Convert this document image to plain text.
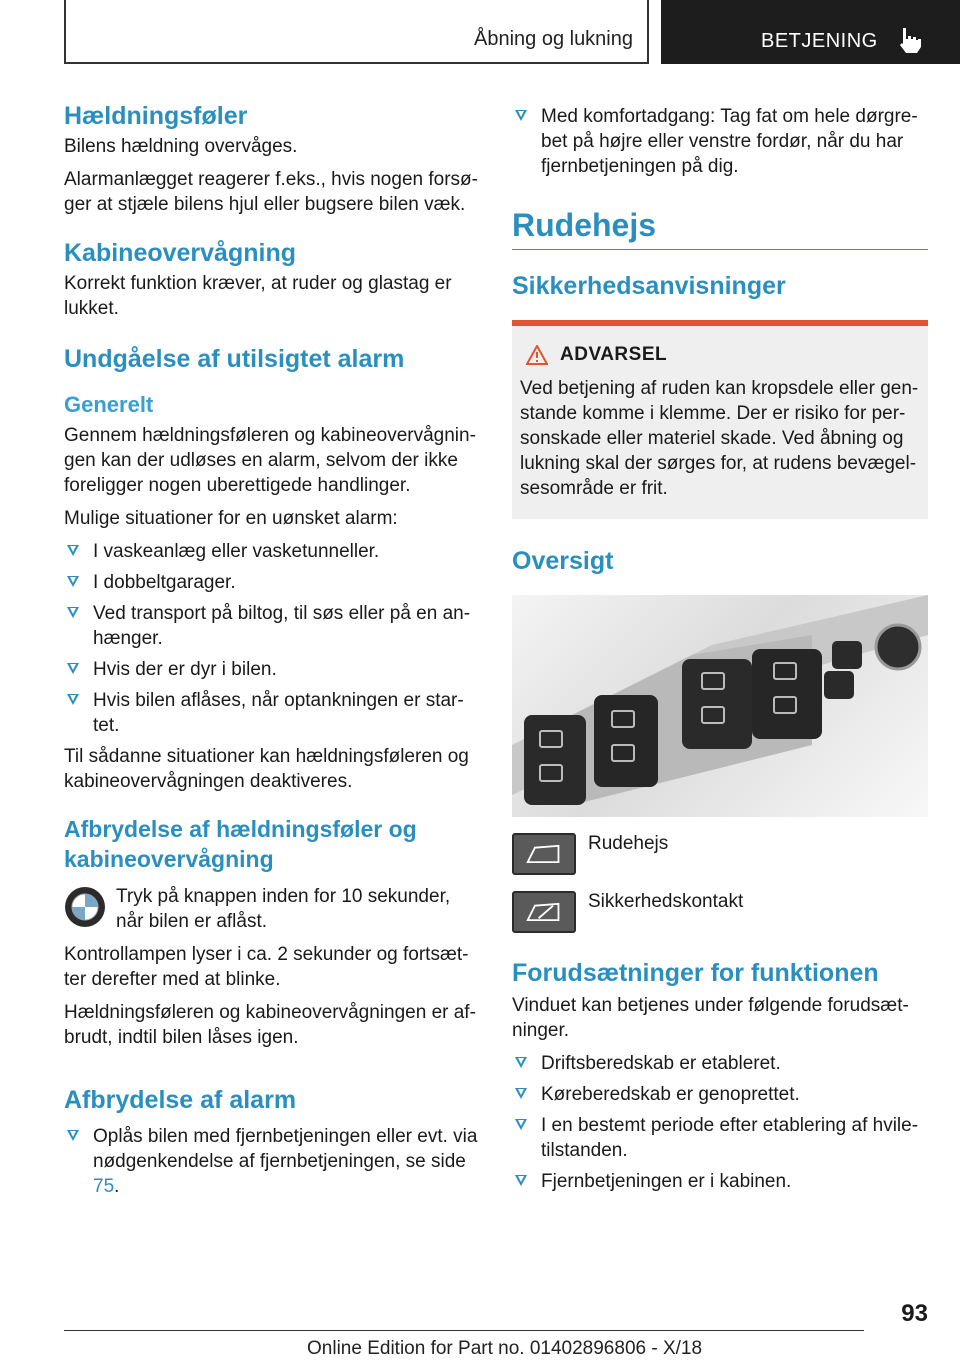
Åbning og lukning	BETJENING
Hældningsføler

Bilens hældning overvåges.

Alarmanlægget reagerer f.eks., hvis nogen forsø-ger at stjæle bilens hjul eller bugsere bilen væk.

Kabineovervågning

Korrekt funktion kræver, at ruder og glastag er lukket.

Undgåelse af utilsigtet alarm
Generelt

Gennem hældningsføleren og kabineovervågnin-gen kan der udløses en alarm, selvom der ikke foreligger nogen uberettigede handlinger.

Mulige situationer for en uønsket alarm:

I vaskeanlæg eller vasketunneller.
I dobbeltgarager.
Ved transport på biltog, til søs eller på en an-hænger.
Hvis der er dyr i bilen.
Hvis bilen aflåses, når optankningen er star-tet.

Til sådanne situationer kan hældningsføleren og kabineovervågningen deaktiveres.

Afbrydelse af hældningsføler og kabineovervågning

Tryk på knappen inden for 10 sekunder, når bilen er aflåst.

Kontrollampen lyser i ca. 2 sekunder og fortsæt-ter derefter med at blinke.

Hældningsføleren og kabineovervågningen er af-brudt, indtil bilen låses igen.

Afbrydelse af alarm
Oplås bilen med fjernbetjeningen eller evt. via nødgenkendelse af fjernbetjeningen, se side 75.
Med komfortadgang: Tag fat om hele dørgre-bet på højre eller venstre fordør, når du har fjernbetjeningen på dig.
Rudehejs
Sikkerhedsanvisninger
ADVARSEL

Ved betjening af ruden kan kropsdele eller gen-stande komme i klemme. Der er risiko for per-sonskade eller materiel skade. Ved åbning og lukning skal der sørges for, at rudens bevægel-sesområde er frit.

Oversigt
Rudehejs
Sikkerhedskontakt
Forudsætninger for funktionen

Vinduet kan betjenes under følgende forudsæt-ninger.

Driftsberedskab er etableret.
Køreberedskab er genoprettet.
I en bestemt periode efter etablering af hvile-tilstanden.
Fjernbetjeningen er i kabinen.
93
Online Edition for Part no. 01402896806 - X/18
